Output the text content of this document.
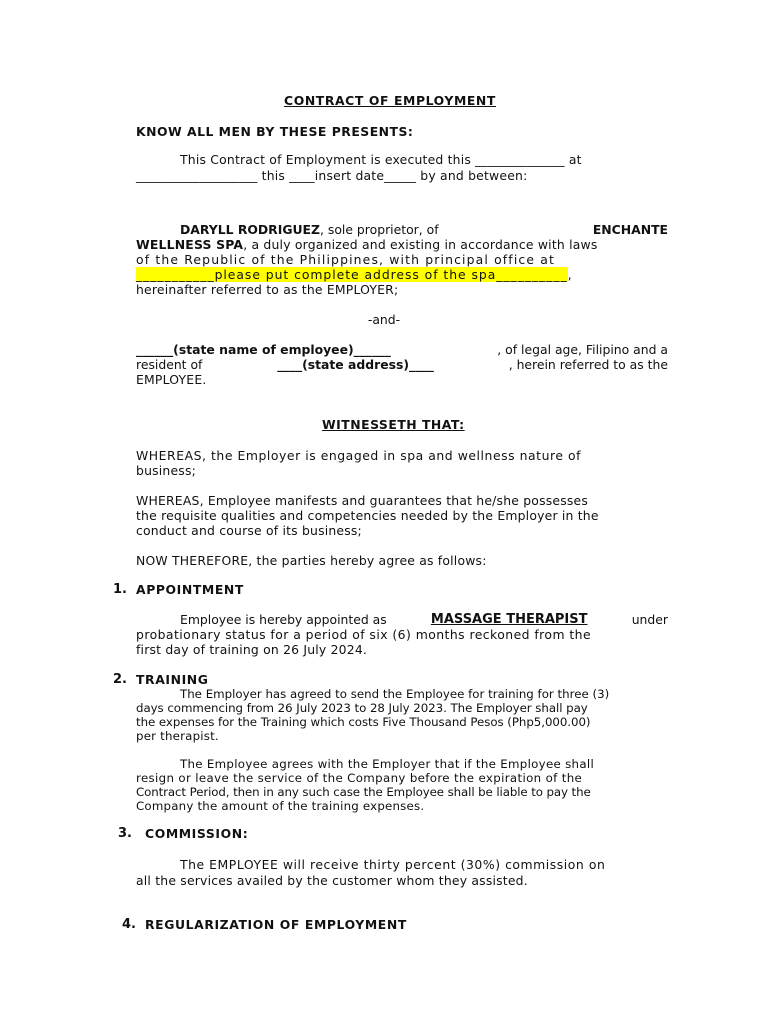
CONTRACT OF EMPLOYMENT
KNOW ALL MEN BY THESE PRESENTS:
This Contract of Employment is executed this ______________ at
___________________ this ____insert date_____ by and between:
DARYLL RODRIGUEZ, sole proprietor, of	ENCHANTE
WELLNESS SPA, a duly organized and existing in accordance with laws
of the Republic of the Philippines, with principal office at
___________please put complete address of the spa__________,
hereinafter referred to as the EMPLOYER;
-and-
______(state name of employee)______	, of legal age, Filipino and a
resident of	____(state address)____	, herein referred to as the
EMPLOYEE.
WITNESSETH THAT:
WHEREAS, the Employer is engaged in spa and wellness nature of
business;
WHEREAS, Employee manifests and guarantees that he/she possesses
the requisite qualities and competencies needed by the Employer in the
conduct and course of its business;
NOW THEREFORE, the parties hereby agree as follows:
1. APPOINTMENT
Employee is hereby appointed as	MASSAGE THERAPIST	under
probationary status for a period of six (6) months reckoned from the
first day of training on 26 July 2024.
2. TRAINING
The Employer has agreed to send the Employee for training for three (3)
days commencing from 26 July 2023 to 28 July 2023. The Employer shall pay
the expenses for the Training which costs Five Thousand Pesos (Php5,000.00)
per therapist.
The Employee agrees with the Employer that if the Employee shall
resign or leave the service of the Company before the expiration of the
Contract Period, then in any such case the Employee shall be liable to pay the
Company the amount of the training expenses.
3. COMMISSION:
The EMPLOYEE will receive thirty percent (30%) commission on
all the services availed by the customer whom they assisted.
4. REGULARIZATION OF EMPLOYMENT
